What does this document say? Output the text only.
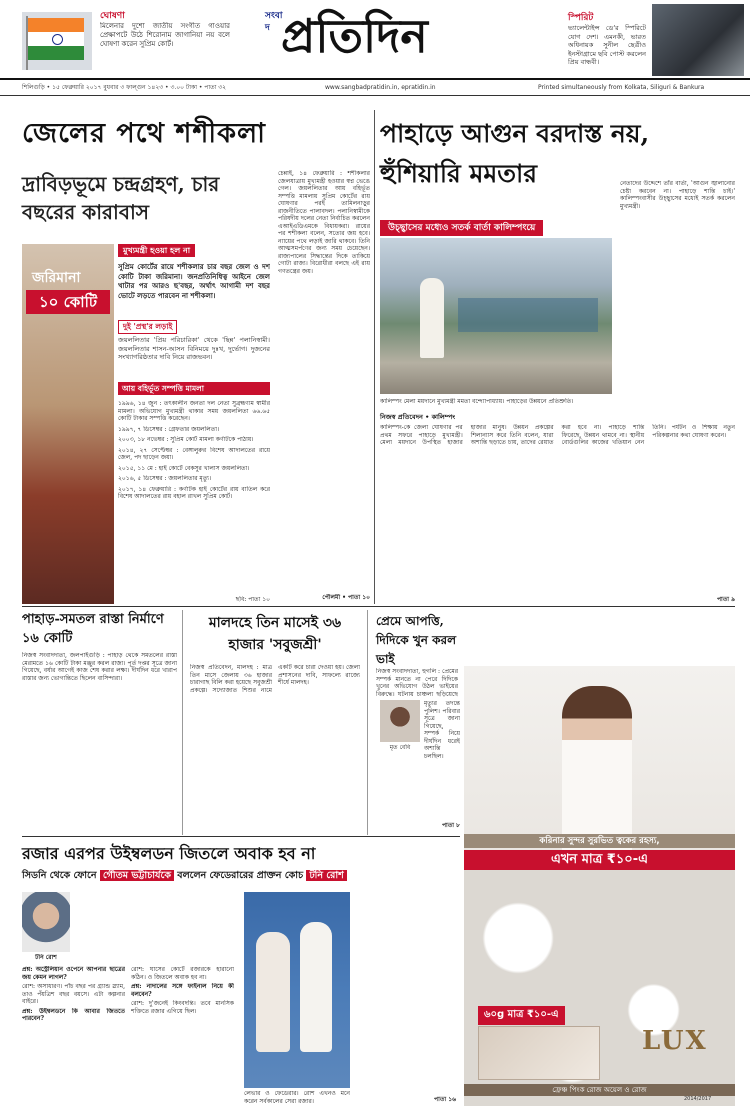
ঘোষণা
মিলেনার দুশো জাতীয় সংগীত গাওয়ার প্রেক্ষাপটে উঠে শিরোনাম জাগানিয়া নয় বলে ঘোষণা করেন সুপ্রিম কোর্ট।
সংবাদ প্রতিদিন	স্পিরিট
ভ্যালেন্টাইন্স ডে'র স্পিরিটে যোগ দেশ। এমনকী, ভারত অধিনায়ক সুনীল ছেত্রীও ইনস্টাগ্রামে ছবি পোস্ট করলেন প্রিয় বান্ধবী।
শিলিগুড়ি • ১৫ ফেব্রুয়ারি ২০১৭ বুধবার ৩ ফাল্গুন ১৪২৩ • ৩.০০ টাকা • পাতা ৩২	www.sangbadpratidin.in, epratidin.in	Printed simultaneously from Kolkata, Siliguri & Bankura
জেলের পথে শশীকলা
দ্রাবিড়ভূমে চন্দ্রগ্রহণ, চার বছরের কারাবাস
জরিমানা
১০ কোটি
মুখ্যমন্ত্রী হওয়া হল না
সুপ্রিম কোর্টের রায়ে শশীকলার চার বছর জেল ও দশ কোটি টাকা জরিমানা। জনপ্রতিনিধিত্ব আইনে জেল খাটার পর আরও ছ'বছর, অর্থাৎ আগামী দশ বছর ভোটে লড়তে পারবেন না শশীকলা।
দুই 'প্রস্থ'র লড়াই
জয়ললিতার 'প্রিয় পরিচারিকা' থেকে 'ছিন্ন' পলানিস্বামী। জয়ললিতার শাসন-আসন বিনিময়ে দুঃখ, দুর্ভোগ। দুজনের সংখ্যাগরিষ্ঠতার দাবি নিয়ে রাজভবন।
আয় বহির্ভূত সম্পত্তি মামলা
১৯৯৬, ১৪ জুন : তৎকালীন জনতা দল নেতা সুব্রহ্মণ্যম স্বামীর মামলা। অভিযোগ মুখ্যমন্ত্রী থাকার সময় জয়ললিতা ৬৬.৬৫ কোটি টাকার সম্পত্তি করেছেন।
১৯৯৭, ৭ ডিসেম্বর : গ্রেফতার জয়ললিতা।
২০০৩, ১৮ নভেম্বর : সুপ্রিম কোর্ট মামলা কর্ণাটকে পাঠায়।
২০১৪, ২৭ সেপ্টেম্বর : বেঙ্গালুরুর বিশেষ আদালতের রায়ে জেল, পদ ছাড়েন জয়া।
২০১৫, ১১ মে : হাই কোর্টে বেকসুর খালাস জয়ললিতা।
২০১৬, ৫ ডিসেম্বর : জয়ললিতার মৃত্যু।
২০১৭, ১৪ ফেব্রুয়ারি : কর্ণাটক হাই কোর্টের রায় বাতিল করে বিশেষ আদালতের রায় বহাল রাখল সুপ্রিম কোর্ট।
ছবি: পাতা ১০
চেন্নাই, ১৪ ফেব্রুয়ারি : শশীকলার জেলযাত্রায় মুখ্যমন্ত্রী হওয়ার স্বপ্ন ভেঙে গেল। জয়ললিতার আয় বহির্ভূত সম্পত্তি মামলায় সুপ্রিম কোর্টের রায় ঘোষণার পরই তামিলনাড়ুর রাজনীতিতে পালাবদল। পলানিস্বামীকে পরিষদীয় দলের নেতা নির্বাচিত করলেন এআইএডিএমকে বিধায়করা। রায়ের পর শশীকলা বলেন, সত্যের জয় হবে। ন্যায়ের পথে লড়াই জারি থাকবে। তিনি আত্মসমর্পণের জন্য সময় চেয়েছেন। রাজ্যপালের সিদ্ধান্তের দিকে তাকিয়ে গোটা রাজ্য। বিরোধীরা বলছে এই রায় গণতন্ত্রের জয়।
পৌলমী • পাতা ১০
পাহাড়ে আগুন বরদাস্ত নয়, হুঁশিয়ারি মমতার
উচ্ছ্বাসের মধ্যেও সতর্ক বার্তা কালিম্পংয়ে
কালিম্পং মেলা ময়দানে মুখ্যমন্ত্রী মমতা বন্দ্যোপাধ্যায়। পাহাড়ের উন্নয়নে প্রতিশ্রুতি।
নেতাদের উদ্দেশে তাঁর বার্তা, 'আগুন জ্বালানোর চেষ্টা করবেন না। পাহাড়ে শান্তি চাই।' কালিম্পংবাসীর উচ্ছ্বাসের মধ্যেই সতর্ক করলেন মুখ্যমন্ত্রী।
নিজস্ব প্রতিবেদন • কালিম্পং
কালিম্পং-কে জেলা ঘোষণার পর প্রথম সফরে পাহাড়ে মুখ্যমন্ত্রী। মেলা ময়দানে উপস্থিত হাজার হাজার মানুষ। উন্নয়ন প্রকল্পের শিলান্যাস করে তিনি বলেন, যারা অশান্তি ছড়াতে চায়, তাদের রেয়াত করা হবে না। পাহাড়ে শান্তি ফিরেছে, উন্নয়ন থামবে না। স্থানীয় বোর্ডগুলির কাজের খতিয়ান নেন তিনি। পর্যটন ও শিক্ষায় নতুন পরিকল্পনার কথা ঘোষণা করেন।
পাতা ৯
পাহাড়-সমতল রাস্তা নির্মাণে ১৬ কোটি
নিজস্ব সংবাদদাতা, জলপাইগুড়ি : পাহাড় থেকে সমতলের রাস্তা মেরামতে ১৬ কোটি টাকা মঞ্জুর করল রাজ্য। পূর্ত দপ্তর সূত্রে জানা গিয়েছে, বর্ষার আগেই কাজ শেষ করার লক্ষ্য। দীর্ঘদিন ধরে খারাপ রাস্তার জন্য ভোগান্তিতে ছিলেন বাসিন্দারা।
মালদহে তিন মাসেই ৩৬ হাজার 'সবুজশ্রী'
নিজস্ব প্রতিবেদন, মালদহ : মাত্র তিন মাসে জেলায় ৩৬ হাজার চারাগাছ বিলি করা হয়েছে সবুজশ্রী প্রকল্পে। সদ্যোজাত শিশুর নামে একটি করে চারা দেওয়া হয়। জেলা প্রশাসনের দাবি, সাফল্যে রাজ্যে শীর্ষে মালদহ।
প্রেমে আপত্তি, দিদিকে খুন করল ভাই
মৃত বেবি
নিজস্ব সংবাদদাতা, হুগলি : প্রেমের সম্পর্ক মানতে না পেরে দিদিকে খুনের অভিযোগ উঠল ভাইয়ের বিরুদ্ধে। ঘটনায় চাঞ্চল্য ছড়িয়েছে
মৃত্যুর তদন্তে পুলিশ। পরিবার সূত্রে জানা গিয়েছে, সম্পর্ক নিয়ে দীর্ঘদিন ধরেই অশান্তি চলছিল।
পাতা ৮
করিনার সুন্দর সুরভিত ত্বকের রহস্য,
এখন মাত্র ₹১০-এ
৬০g মাত্র ₹১০-এ
LUX
ফ্রেঞ্চ পিংক রোজ অয়েল ও রোজ
2014/2017
রজার এরপর উইম্বলডন জিতলে অবাক হব না
সিডনি থেকে ফোনে গৌতম ভট্টাচার্যকে বললেন ফেডেরারের প্রাক্তন কোচ টনি রোশ
টনি রোশ
প্রশ্ন: অস্ট্রেলিয়ান ওপেনে আপনার ছাত্রের জয় কেমন লাগল?
রোশ: অসাধারণ। পাঁচ বছর পর গ্র্যান্ড স্ল্যাম, তাও পঁয়ত্রিশ বছর বয়সে। এটা কল্পনার বাইরে।
প্রশ্ন: উইম্বলডনে কি আবার জিততে পারবেন?
রোশ: ঘাসের কোর্টে রজারকে হারানো কঠিন। ও জিতলে অবাক হব না।
প্রশ্ন: নাদালের সঙ্গে ফাইনাল নিয়ে কী বলবেন?
রোশ: দু'জনেই কিংবদন্তি। তবে মানসিক শক্তিতে রজার এগিয়ে ছিল।
লেভার ও ফেডেরার। রোশ এখনও মনে করেন সর্বকালের সেরা রজার।	পাতা ১৬
